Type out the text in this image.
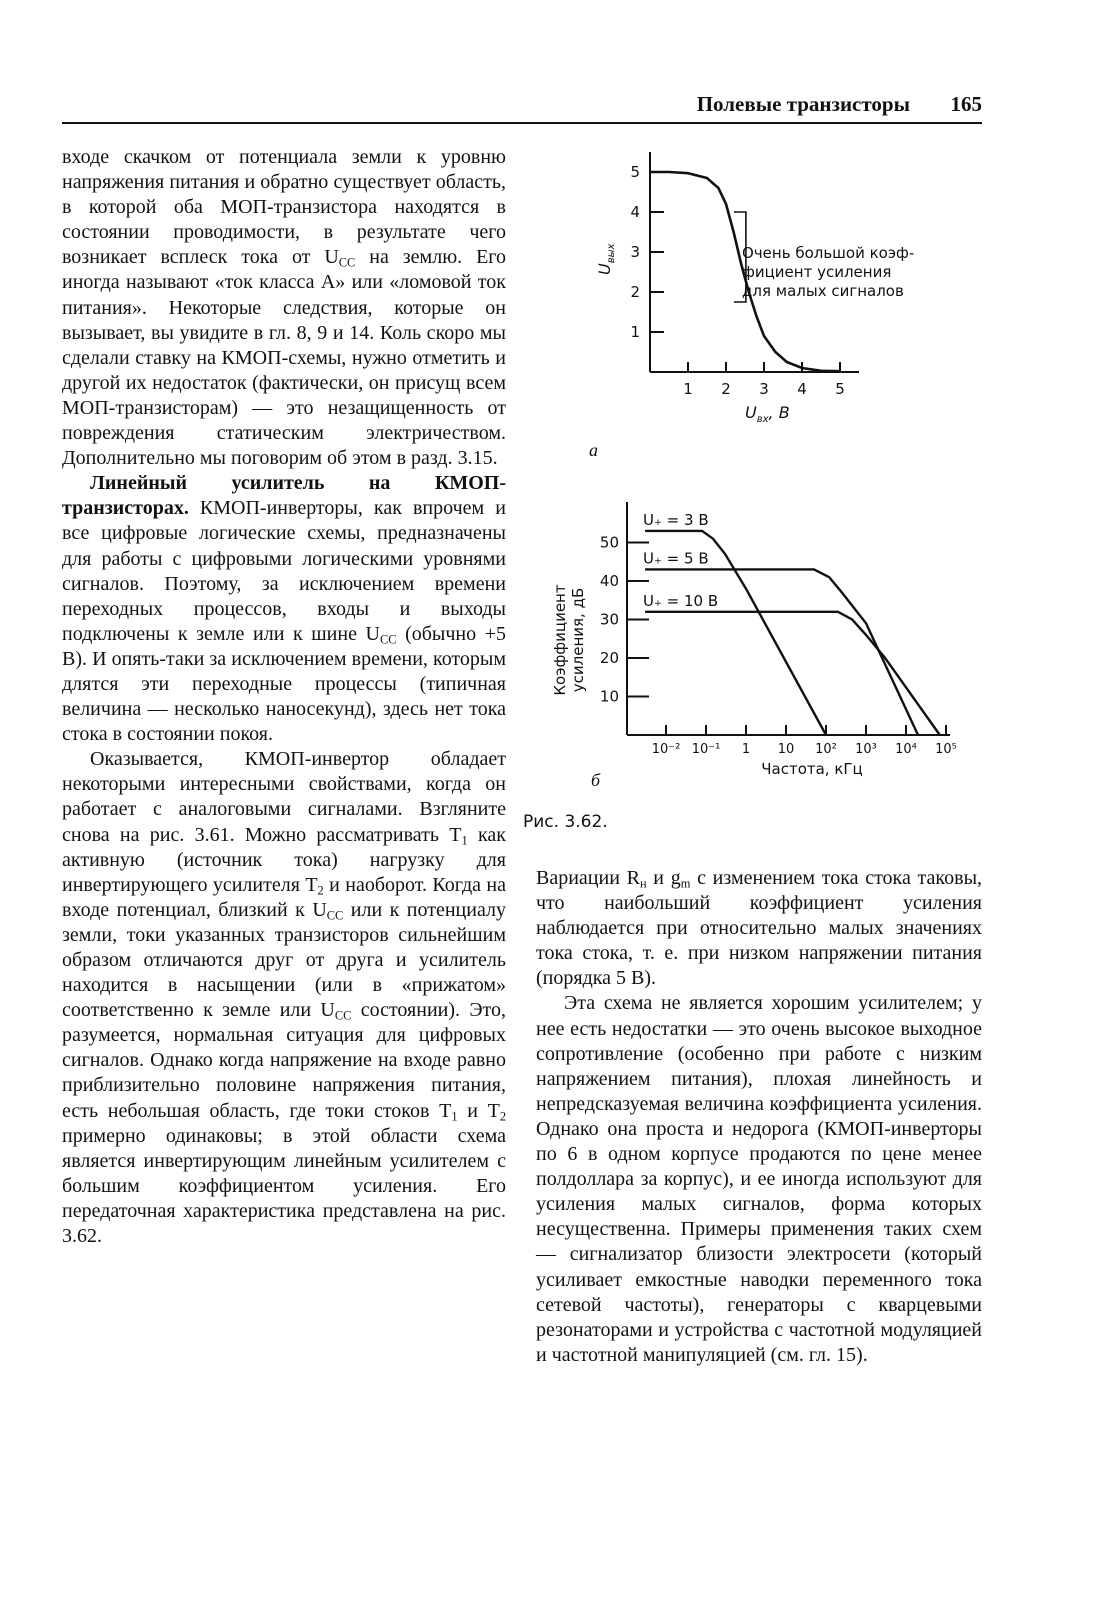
Полевые транзисторы 165

входе скачком от потенциала земли к уровню напряжения питания и обратно существует область, в которой оба МОП-транзистора находятся в состоянии проводимости, в результате чего возникает всплеск тока от $U_{CC}$ на землю. Его иногда называют «ток класса А» или «ломовой ток питания». Некоторые следствия, которые он вызывает, вы увидите в гл. 8, 9 и 14. Коль скоро мы сделали ставку на КМОП-схемы, нужно отметить и другой их недостаток (фактически, он присущ всем МОП-транзисторам) — это незащищенность от повреждения статическим электричеством. Дополнительно мы поговорим об этом в разд. 3.15.

Линейный усилитель на КМОП-транзисторах. КМОП-инверторы, как впрочем и все цифровые логические схемы, предназначены для работы с цифровыми логическими уровнями сигналов. Поэтому, за исключением времени переходных процессов, входы и выходы подключены к земле или к шине $U_{CC}$ (обычно +5 В). И опять-таки за исключением времени, которым длятся эти переходные процессы (типичная величина — несколько наносекунд), здесь нет тока стока в состоянии покоя.

Оказывается, КМОП-инвертор обладает некоторыми интересными свойствами, когда он работает с аналоговыми сигналами. Взгляните снова на рис. 3.61. Можно рассматривать $T_1$ как активную (источник тока) нагрузку для инвертирующего усилителя $T_2$ и наоборот. Когда на входе потенциал, близкий к $U_{CC}$ или к потенциалу земли, токи указанных транзисторов сильнейшим образом отличаются друг от друга и усилитель находится в насыщении (или в «прижатом» соответственно к земле или $U_{CC}$ состоянии). Это, разумеется, нормальная ситуация для цифровых сигналов. Однако когда напряжение на входе равно приблизительно половине напряжения питания, есть небольшая область, где токи стоков $T_1$ и $T_2$ примерно одинаковы; в этой области схема является инвертирующим линейным усилителем с большим коэффициентом усиления. Его передаточная характеристика представлена на рис. 3.62.

1
2
3
4
5
1 2 3 4 5
Очень большой коэф-
фициент усиления
для малых сигналов
$U_{вх}$, В
$U_{вых}$
а
10
20
30
40
50
10⁻² 10⁻¹ 1 10 10² 10³ 10⁴ 10⁵
U₊ = 3 В
U₊ = 5 В
U₊ = 10 В
Коэффициент усиления, дБ
Частота, кГц
б
Рис. 3.62.

Вариации $R_н$ и $g_m$ с изменением тока стока таковы, что наибольший коэффициент усиления наблюдается при относительно малых значениях тока стока, т. е. при низком напряжении питания (порядка 5 В).

Эта схема не является хорошим усилителем; у нее есть недостатки — это очень высокое выходное сопротивление (особенно при работе с низким напряжением питания), плохая линейность и непредсказуемая величина коэффициента усиления. Однако она проста и недорога (КМОП-инверторы по 6 в одном корпусе продаются по цене менее полдоллара за корпус), и ее иногда используют для усиления малых сигналов, форма которых несущественна. Примеры применения таких схем — сигнализатор близости электросети (который усиливает емкостные наводки переменного тока сетевой частоты), генераторы с кварцевыми резонаторами и устройства с частотной модуляцией и частотной манипуляцией (см. гл. 15).
